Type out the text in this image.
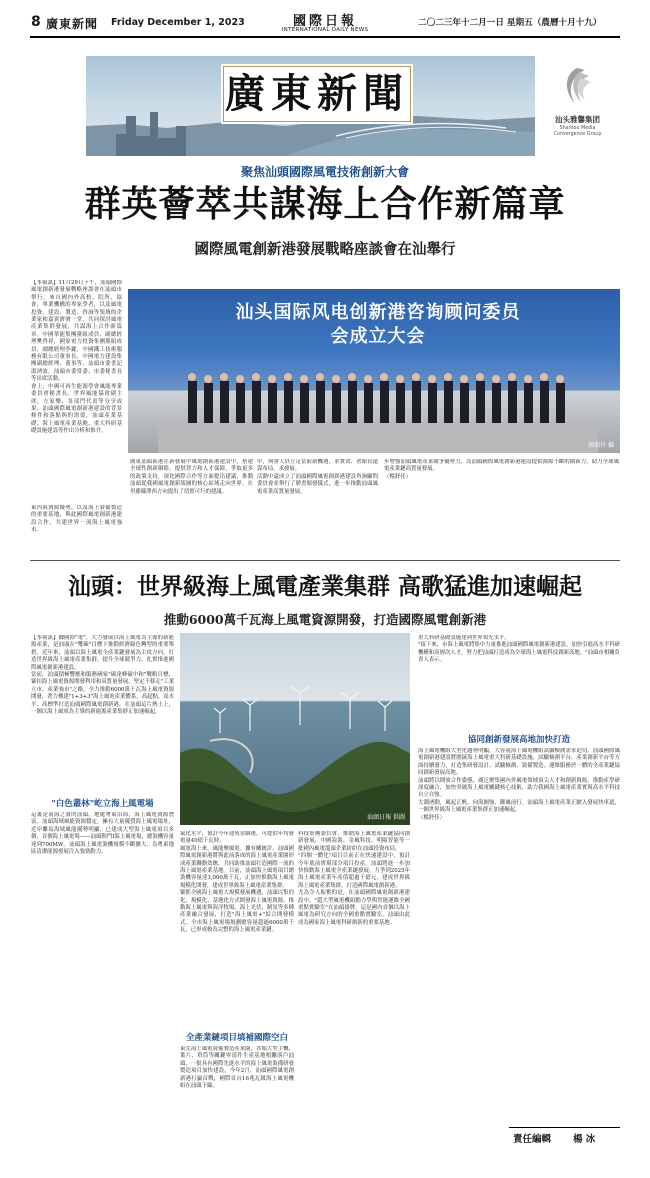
8 廣東新聞 Friday December 1, 2023	國際日報
INTERNATIONAL DAILY NEWS
二〇二三年十二月一日 星期五（農曆十月十九）
廣東新聞
汕头雅馨集团
Shantou Media
Convergence Group
聚焦汕頭國際風電技術創新大會
群英薈萃共謀海上合作新篇章
國際風電創新港發展戰略座談會在汕舉行
【本報訊】11月29日下午，汕頭國際風電創新港發展戰略座談會在汕頭市舉行，來自國內外高校、院所、協會、專業機構的專家學者，以及風電投資、建設、製造、咨詢等領域的企業家和嘉賓濟濟一堂，共同探討風電產業集群發展，共謀海上合作新篇章。中國華能集團黨組成員、副總經理樊啓祥，國家電力投資集團黨組成員、副總經理李鍵，中國鐵工技術服務有限公司董事長，中國電力建設集團副總經理、董事等，汕頭市委書記溫湧波，汕頭市委常委、市委秘書長等出席活動。
會上，中國可再生能源學會風能專業委員會秘書長、世界風能協會副主席，左家樂、各部門代表等分享成果。汕頭國際風電創新港建設的背景條件和落點與的需要，汕頭產業基礎、海上風電產業基地、重大科研基礎設施建設等作出分析和推介。
東內海資源優勢，以及海上裝備製造的重要基地、與此國際風電創新港建設合作，共建世界一流海上風電強市。
汕头国际风电创新港咨询顾问委员会成立大会
郭韻伶 攝
廣東汕頭新港在新發展中風電創新港建設中，搭建全球性創新網絡，提供智力和人才保障，爭取更多的政策支持，深化國際合作等方面提出建議，推動汕頭從我國風電創新版圖的核心區域走向世界。在里藤縣澤西方向提出了切實可行的建議。
中，與會人員立足當前新機遇，求實效、著眼長遠謀布局，求發展。
活動中還成立了汕頭國際風電創新港建設咨詢顧問委員會並舉行了聘書頒發儀式，進一步推動汕頭風電產業高質量發展。
步增強汕頭風電產業競爭優勢力，為汕頭國際風電創新港建設提供源源不斷的創新力、助力全球風電產業鏈高質量發展。
（楊舒佳）
汕頭：世界級海上風電產業集群 高歌猛進加速崛起
推動6000萬千瓦海上風電資源開發，打造國際風電創新港
【本報訊】據國際"電"，大力發展以海上風電為主導的新能源產業，是汕頭在"雙碳"目標下推動經濟綠色轉型的重要舉措。近年來，汕頭以海上風電全產業鏈發展為主攻方向，打造世界級海上風電產業集群，提升全球競爭力，扎實推進國際風電創新港建設。
當前，汕頭積極響應和服務國家"碳達峰碳中和"戰略目標，緊扣海上風電資源開發利用和高質量發展，堅定不移走"工業立市、產業強市"之路，全力推動6000萬千瓦海上風電資源開發，著力構建"1+3+3"海上風電產業體系，高起點、高水平、高標準打造汕頭國際風電創新港，在汕頭這片熱土上，一個以海上風電為主導的新能源產業集群正加速崛起。
"白色叢林"屹立海上風電場
這裏是南海之濱的汕頭。地處粵東沿海，海上風電資源豐富。汕頭海域風能資源穩定，擁有大量優質海上風電場址，近岸離島海域風能優勢明顯，已建成大型海上風電項目多個，首個海上風電場——汕頭勒門I海上風電場，總裝機容量達到700MW。汕頭海上風電裝機規模不斷擴大，為粵東地區清潔能源發展注入強勁動力。
汕頭日報 供圖
氣化水平，預計今年建成並網後，可提供年均發電量40億千瓦時。
風電海上來，風能聚風電。據有關統計，汕頭國際風電創新港將與此前落成的海上風電產業園形成產業聯動效應，共同助推汕頭打造國際一流的海上風電產業基地。目前，汕頭海上風電項目總裝機容量達3,000萬千瓦，正加快推動海上風電規模化開發，建成世界級海上風電產業集群。
緊抓全國海上風電大規模發展機遇，汕頭以集約化、規模化、基地化方式開發海上風電資源，推動海上風電與海洋牧場、海上光伏、制氫等多種產業融合發展，打造"海上風電+"綜合開發模式。全市海上風電場規劃總容量超過6000萬千瓦，已形成較為完整的海上風電產業鏈。
全產業鏈項目填補國際空白
東莞海上風電裝備製造產業園，各類大型主機、葉片、塔筒等關鍵零部件生產基地相繼落戶汕頭，一批具有國際先進水平的海上風電裝備研發製造項目加快建設。今年2月，汕頭國際風電創新港打贏首戰，國際首台16兆瓦級海上風電機組在汕頭下線。
科技集團委員會，推動海上風電產業鏈協同創新發展，中國海裝、金風科技、明陽智能等一批國內風電龍頭企業紛紛在汕頭投資布局。
"四個一體化"項目目前正在快速建設中，預計今年底前實現部分項目投產。汕頭將進一步加快推動海上風電全產業鏈發展，力爭到2025年海上風電產業年產值超過千億元，建成世界級海上風電產業集群，打造國際風電創新港。
尤為令人振奮的是，在汕頭國際風電創新港建設中，"超大型風電機組動力學與智能運維全國重點實驗室"在汕頭掛牌，這是國內首個以海上風電為研究方向的全國重點實驗室，汕頭由此成為國家海上風電科研創新的重要基地。
重大科研基礎設施達到世界領先水平。
"接下來，市海上風電將集中力量推進汕頭國際風電創新港建設，加快引進高水平科研機構和高層次人才，努力把汕頭打造成為全球海上風電科技創新高地。"汕頭市相關負責人表示。
協同創新發展高地加快打造
海上風電機組大型化趨勢明顯，大容量海上風電機組試驗檢測需求迫切。汕頭國際風電創新港建設將圍繞海上風電重大科研基礎設施、試驗檢測平台、產業創新平台等方面持續發力，打造集研發設計、試驗檢測、裝備製造、運維服務於一體的全產業鏈協同創新發展高地。
汕頭將以開放合作姿態，廣泛聚集國內外風電領域頂尖人才和創新資源，推動產學研深度融合，加快突破海上風電關鍵核心技術，助力我國海上風電產業實現高水平科技自立自強。
大潮湧動，風起正帆。向海圖強，御風前行。汕頭海上風電產業正駛入發展快車道，一個世界級海上風電產業集群正加速崛起。
（楊舒佳）
責任編輯 楊 冰
